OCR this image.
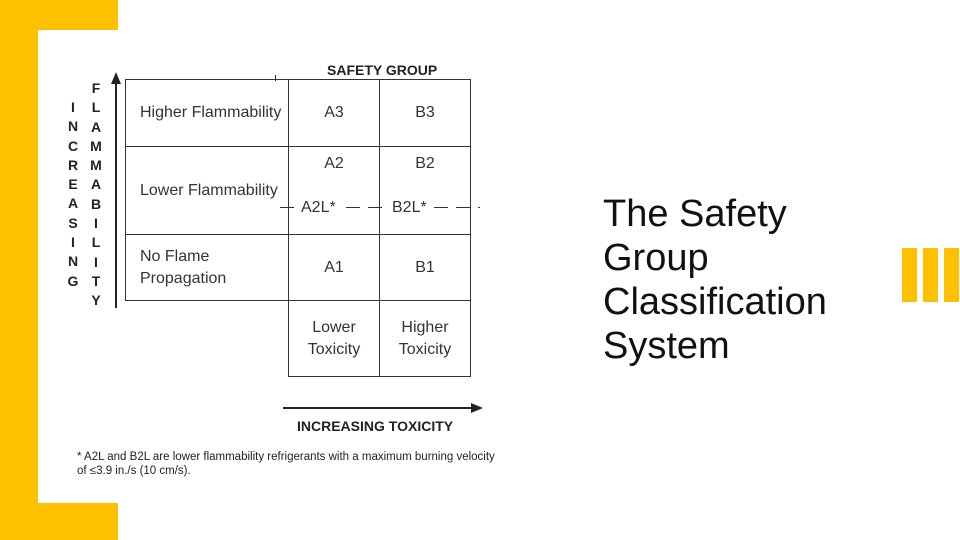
I
N
C
R
E
A
S
I
N
G
F
L
A
M
M
A
B
I
L
I
T
Y
SAFETY GROUP
Higher Flammability	A3	B3
Lower Flammability	A2	B2
No Flame Propagation	A1	B1
	Lower Toxicity	Higher Toxicity
A2L*	B2L*
INCREASING TOXICITY
* A2L and B2L are lower flammability refrigerants with a maximum burning velocity of ≤3.9 in./s (10 cm/s).
The Safety Group Classification System
